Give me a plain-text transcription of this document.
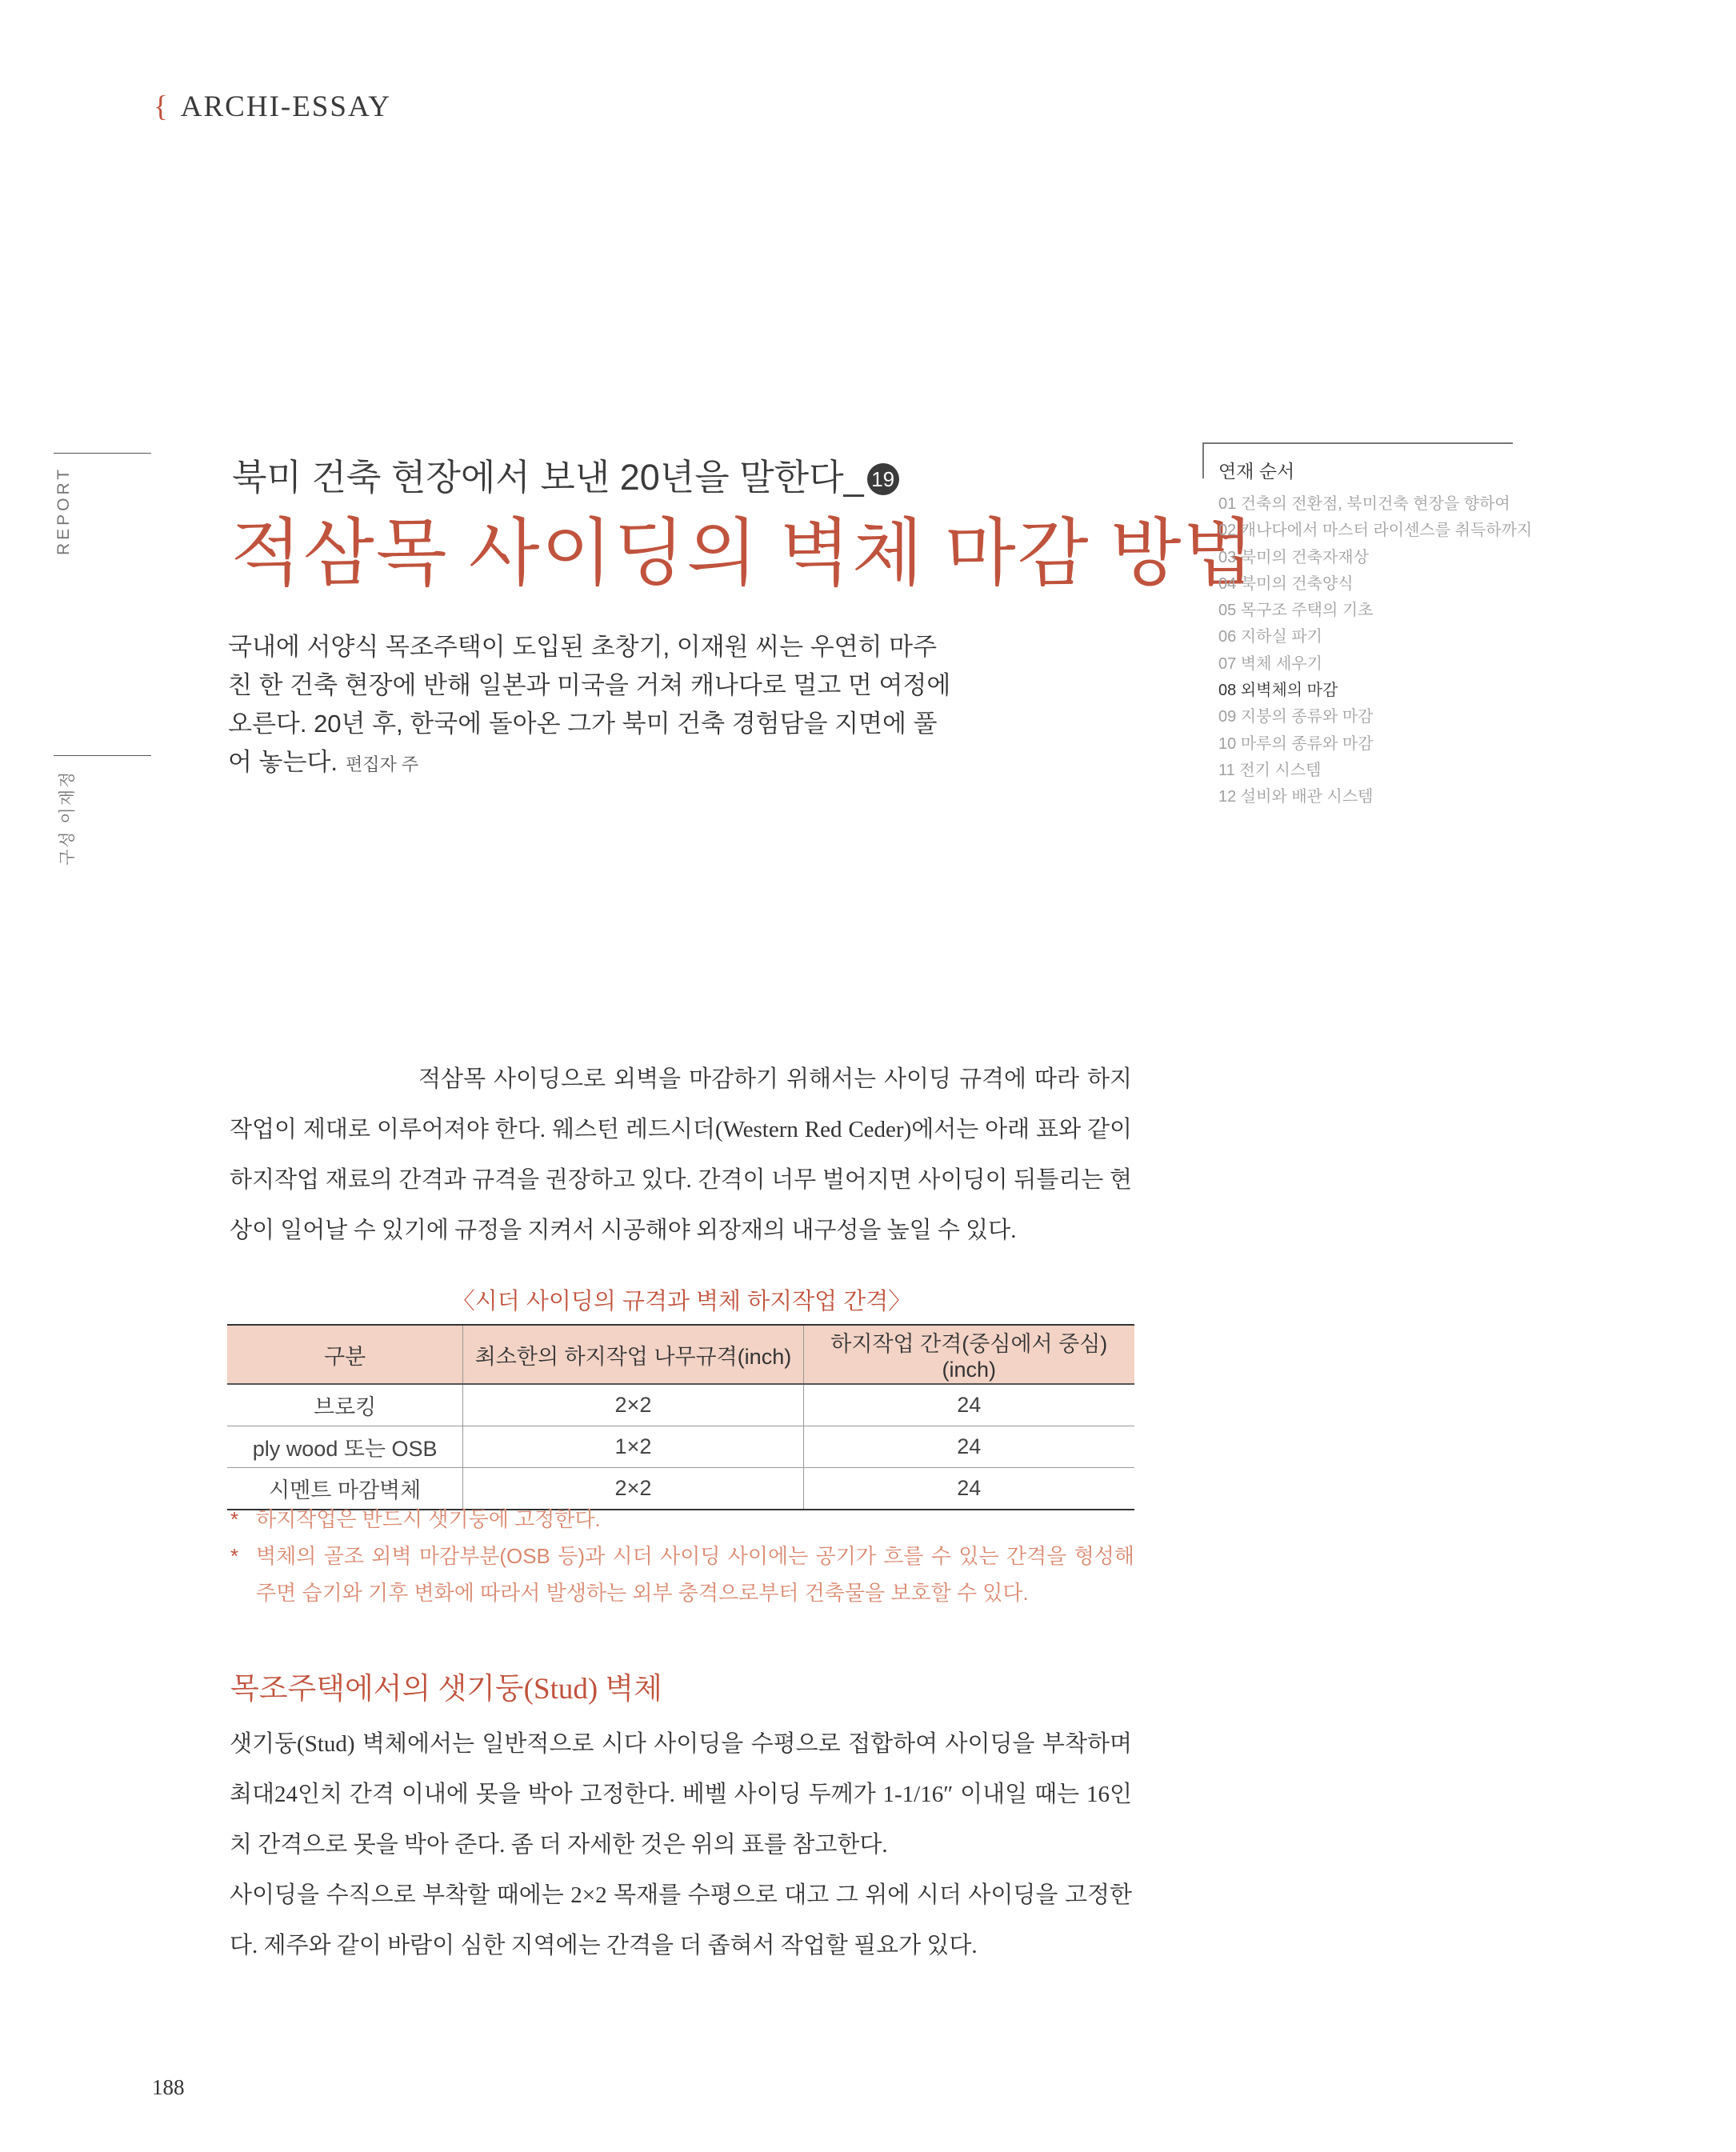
{ ARCHI-ESSAY
REPORT
구성 이재정
북미 건축 현장에서 보낸 20년을 말한다_ 19
적삼목 사이딩의 벽체 마감 방법
국내에 서양식 목조주택이 도입된 초창기, 이재원 씨는 우연히 마주친 한 건축 현장에 반해 일본과 미국을 거쳐 캐나다로 멀고 먼 여정에 오른다. 20년 후, 한국에 돌아온 그가 북미 건축 경험담을 지면에 풀어 놓는다. 편집자 주
연재 순서
01 건축의 전환점, 북미건축 현장을 향하여
02 캐나다에서 마스터 라이센스를 취득하까지
03 북미의 건축자재상
04 북미의 건축양식
05 목구조 주택의 기초
06 지하실 파기
07 벽체 세우기
08 외벽체의 마감
09 지붕의 종류와 마감
10 마루의 종류와 마감
11 전기 시스템
12 설비와 배관 시스템
적삼목 사이딩으로 외벽을 마감하기 위해서는 사이딩 규격에 따라 하지작업이 제대로 이루어져야 한다. 웨스턴 레드시더(Western Red Ceder)에서는 아래 표와 같이 하지작업 재료의 간격과 규격을 권장하고 있다. 간격이 너무 벌어지면 사이딩이 뒤틀리는 현상이 일어날 수 있기에 규정을 지켜서 시공해야 외장재의 내구성을 높일 수 있다.
〈시더 사이딩의 규격과 벽체 하지작업 간격〉
구분	최소한의 하지작업 나무규격(inch)	하지작업 간격(중심에서 중심)(inch)
브로킹	2×2	24
ply wood 또는 OSB	1×2	24
시멘트 마감벽체	2×2	24
* 하지작업은 반드시 샛기둥에 고정한다.
* 벽체의 골조 외벽 마감부분(OSB 등)과 시더 사이딩 사이에는 공기가 흐를 수 있는 간격을 형성해 주면 습기와 기후 변화에 따라서 발생하는 외부 충격으로부터 건축물을 보호할 수 있다.
목조주택에서의 샛기둥(Stud) 벽체

샛기둥(Stud) 벽체에서는 일반적으로 시다 사이딩을 수평으로 접합하여 사이딩을 부착하며 최대24인치 간격 이내에 못을 박아 고정한다. 베벨 사이딩 두께가 1-1/16″ 이내일 때는 16인치 간격으로 못을 박아 준다. 좀 더 자세한 것은 위의 표를 참고한다.

사이딩을 수직으로 부착할 때에는 2×2 목재를 수평으로 대고 그 위에 시더 사이딩을 고정한다. 제주와 같이 바람이 심한 지역에는 간격을 더 좁혀서 작업할 필요가 있다.

188
